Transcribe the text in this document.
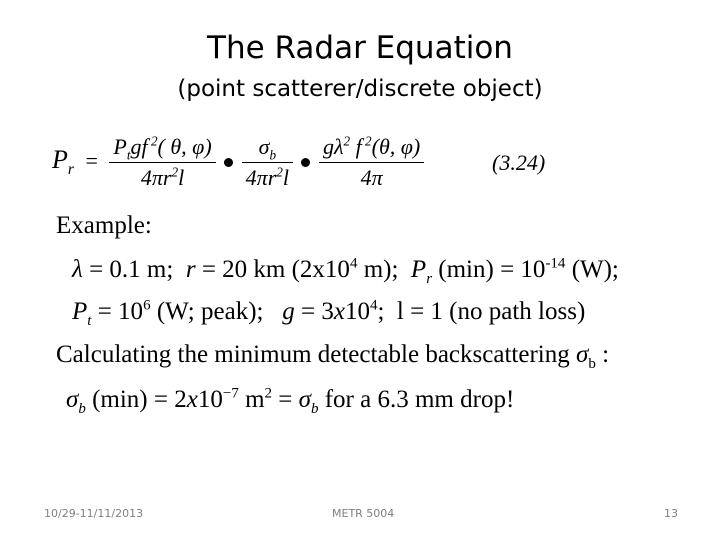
The Radar Equation
(point scatterer/discrete object)
$P_r = \frac{P_tgf ^2( \theta, \varphi)}{4\pi r^2l}$
$\frac{\sigma_b}{4\pi r^2l}$
$\frac{g\lambda^2 f ^2(\theta, \varphi)}{4\pi}$	(3.24)
Example:
λ = 0.1 m;  r = 20 km ($2x10^4$ m);  $P_r$ $(\min) = 10^{-14}$ (W);
$P_t = 10^6$ (W; peak);   $g = 3x10^4$;  l = 1 (no path loss)
Calculating the minimum detectable backscattering $\sigma_b$ :
$\sigma_b$ $(\min) = 2x10^{-7}$ $m^2 = \sigma_b$ for a 6.3 mm drop!
10/29-11/11/2013	METR 5004	13
